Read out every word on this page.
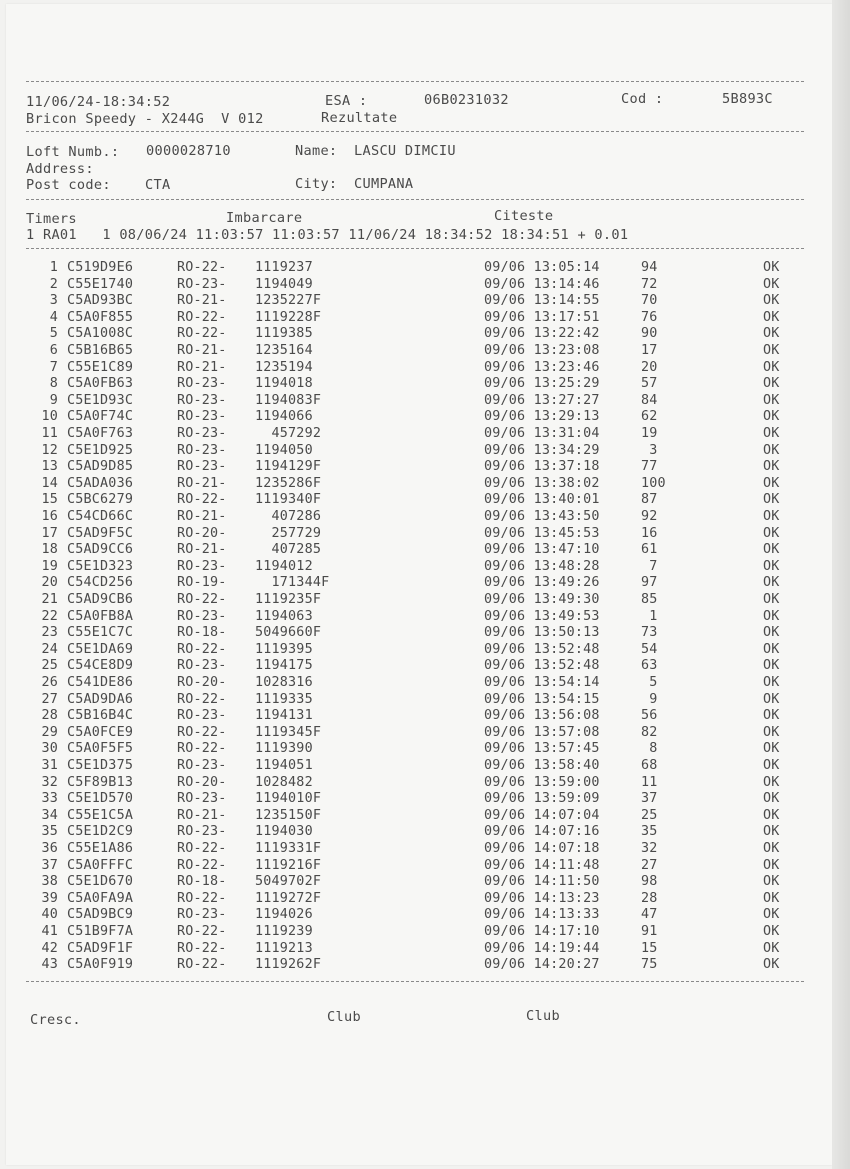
11/06/24-18:34:52	ESA :	06B0231032	Cod :	5B893C
Bricon Speedy - X244G  V 012	Rezultate
Loft Numb.: 0000028710	Name: LASCU DIMCIU
Address:
Post code:	CTA	City: CUMPANA
Timers	Imbarcare	Citeste
1 RA01   1 08/06/24 11:03:57 11:03:57 11/06/24 18:34:52 18:34:51 + 0.01
1 C519D9E6	RO-22- 1119237	09/06 13:05:14	94	OK
2 C55E1740	RO-23- 1194049	09/06 13:14:46	72	OK
3 C5AD93BC	RO-21- 1235227F	09/06 13:14:55	70	OK
4 C5A0F855	RO-22- 1119228F	09/06 13:17:51	76	OK
5 C5A1008C	RO-22- 1119385	09/06 13:22:42	90	OK
6 C5B16B65	RO-21- 1235164	09/06 13:23:08	17	OK
7 C55E1C89	RO-21- 1235194	09/06 13:23:46	20	OK
8 C5A0FB63	RO-23- 1194018	09/06 13:25:29	57	OK
9 C5E1D93C	RO-23- 1194083F	09/06 13:27:27	84	OK
10 C5A0F74C	RO-23- 1194066	09/06 13:29:13	62	OK
11 C5A0F763	RO-23- 457292	09/06 13:31:04	19	OK
12 C5E1D925	RO-23- 1194050	09/06 13:34:29	3	OK
13 C5AD9D85	RO-23- 1194129F	09/06 13:37:18	77	OK
14 C5ADA036	RO-21- 1235286F	09/06 13:38:02	100	OK
15 C5BC6279	RO-22- 1119340F	09/06 13:40:01	87	OK
16 C54CD66C	RO-21- 407286	09/06 13:43:50	92	OK
17 C5AD9F5C	RO-20- 257729	09/06 13:45:53	16	OK
18 C5AD9CC6	RO-21- 407285	09/06 13:47:10	61	OK
19 C5E1D323	RO-23- 1194012	09/06 13:48:28	7	OK
20 C54CD256	RO-19- 171344F	09/06 13:49:26	97	OK
21 C5AD9CB6	RO-22- 1119235F	09/06 13:49:30	85	OK
22 C5A0FB8A	RO-23- 1194063	09/06 13:49:53	1	OK
23 C55E1C7C	RO-18- 5049660F	09/06 13:50:13	73	OK
24 C5E1DA69	RO-22- 1119395	09/06 13:52:48	54	OK
25 C54CE8D9	RO-23- 1194175	09/06 13:52:48	63	OK
26 C541DE86	RO-20- 1028316	09/06 13:54:14	5	OK
27 C5AD9DA6	RO-22- 1119335	09/06 13:54:15	9	OK
28 C5B16B4C	RO-23- 1194131	09/06 13:56:08	56	OK
29 C5A0FCE9	RO-22- 1119345F	09/06 13:57:08	82	OK
30 C5A0F5F5	RO-22- 1119390	09/06 13:57:45	8	OK
31 C5E1D375	RO-23- 1194051	09/06 13:58:40	68	OK
32 C5F89B13	RO-20- 1028482	09/06 13:59:00	11	OK
33 C5E1D570	RO-23- 1194010F	09/06 13:59:09	37	OK
34 C55E1C5A	RO-21- 1235150F	09/06 14:07:04	25	OK
35 C5E1D2C9	RO-23- 1194030	09/06 14:07:16	35	OK
36 C55E1A86	RO-22- 1119331F	09/06 14:07:18	32	OK
37 C5A0FFFC	RO-22- 1119216F	09/06 14:11:48	27	OK
38 C5E1D670	RO-18- 5049702F	09/06 14:11:50	98	OK
39 C5A0FA9A	RO-22- 1119272F	09/06 14:13:23	28	OK
40 C5AD9BC9	RO-23- 1194026	09/06 14:13:33	47	OK
41 C51B9F7A	RO-22- 1119239	09/06 14:17:10	91	OK
42 C5AD9F1F	RO-22- 1119213	09/06 14:19:44	15	OK
43 C5A0F919	RO-22- 1119262F	09/06 14:20:27	75	OK
Cresc.	Club	Club
